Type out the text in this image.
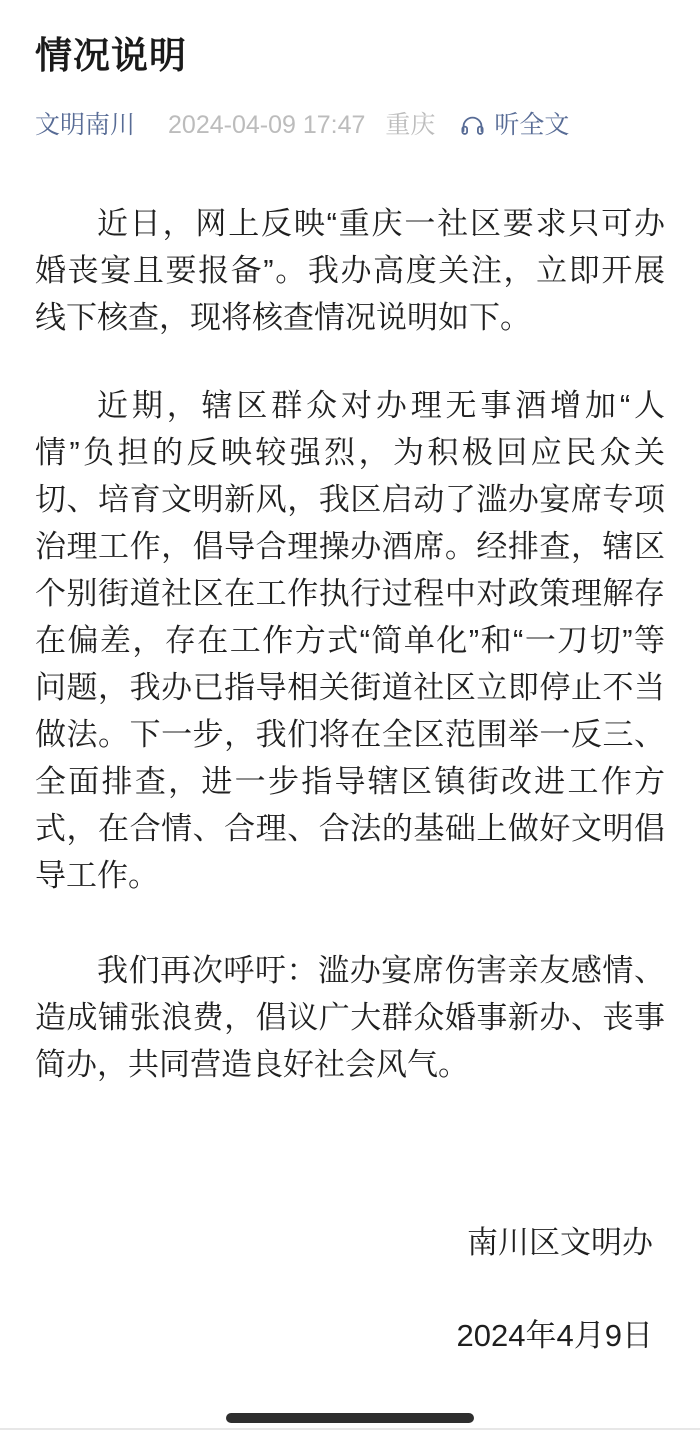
情况说明
文明南川 2024-04-09 17:47 重庆 听全文

近日，网上反映“重庆一社区要求只可办婚丧宴且要报备”。我办高度关注，立即开展线下核查，现将核查情况说明如下。

近期，辖区群众对办理无事酒增加“人情”负担的反映较强烈，为积极回应民众关切、培育文明新风，我区启动了滥办宴席专项治理工作，倡导合理操办酒席。经排查，辖区个别街道社区在工作执行过程中对政策理解存在偏差，存在工作方式“简单化”和“一刀切”等问题，我办已指导相关街道社区立即停止不当做法。下一步，我们将在全区范围举一反三、全面排查，进一步指导辖区镇街改进工作方式，在合情、合理、合法的基础上做好文明倡导工作。

我们再次呼吁：滥办宴席伤害亲友感情、造成铺张浪费，倡议广大群众婚事新办、丧事简办，共同营造良好社会风气。

南川区文明办

2024年4月9日
